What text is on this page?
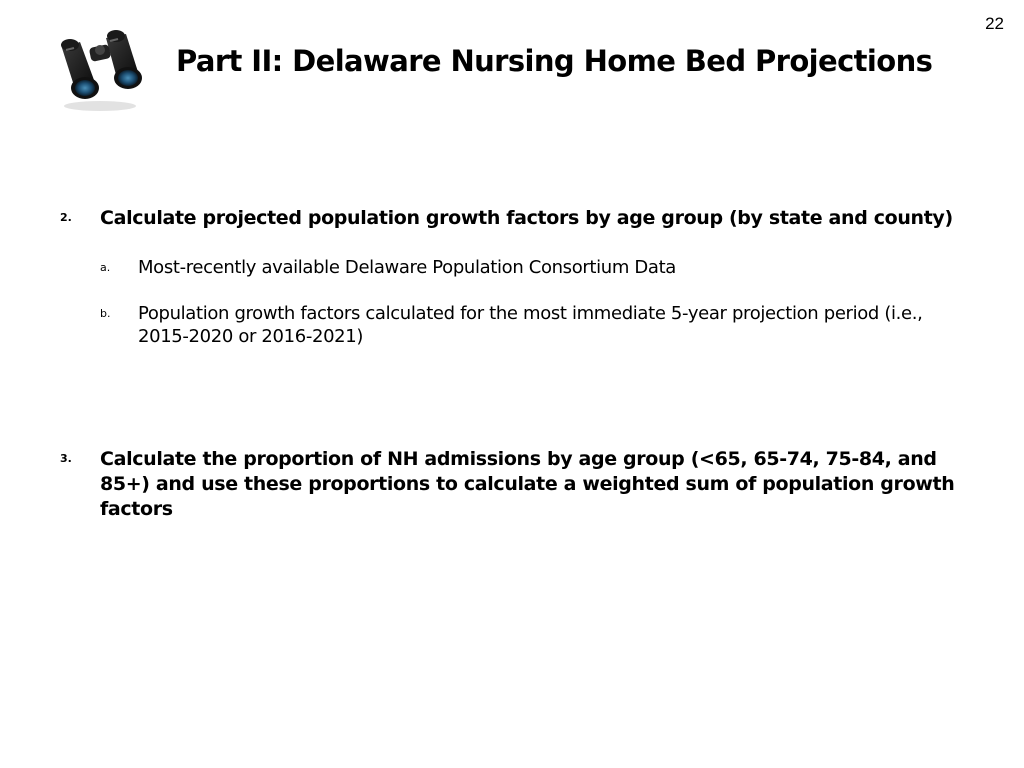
22
Part II: Delaware Nursing Home Bed Projections
2. Calculate projected population growth factors by age group (by state and county)
a. Most-recently available Delaware Population Consortium Data
b. Population growth factors calculated for the most immediate 5-year projection period (i.e., 2015-2020 or 2016-2021)
3. Calculate the proportion of NH admissions by age group (<65, 65-74, 75-84, and 85+) and use these proportions to calculate a weighted sum of population growth factors
